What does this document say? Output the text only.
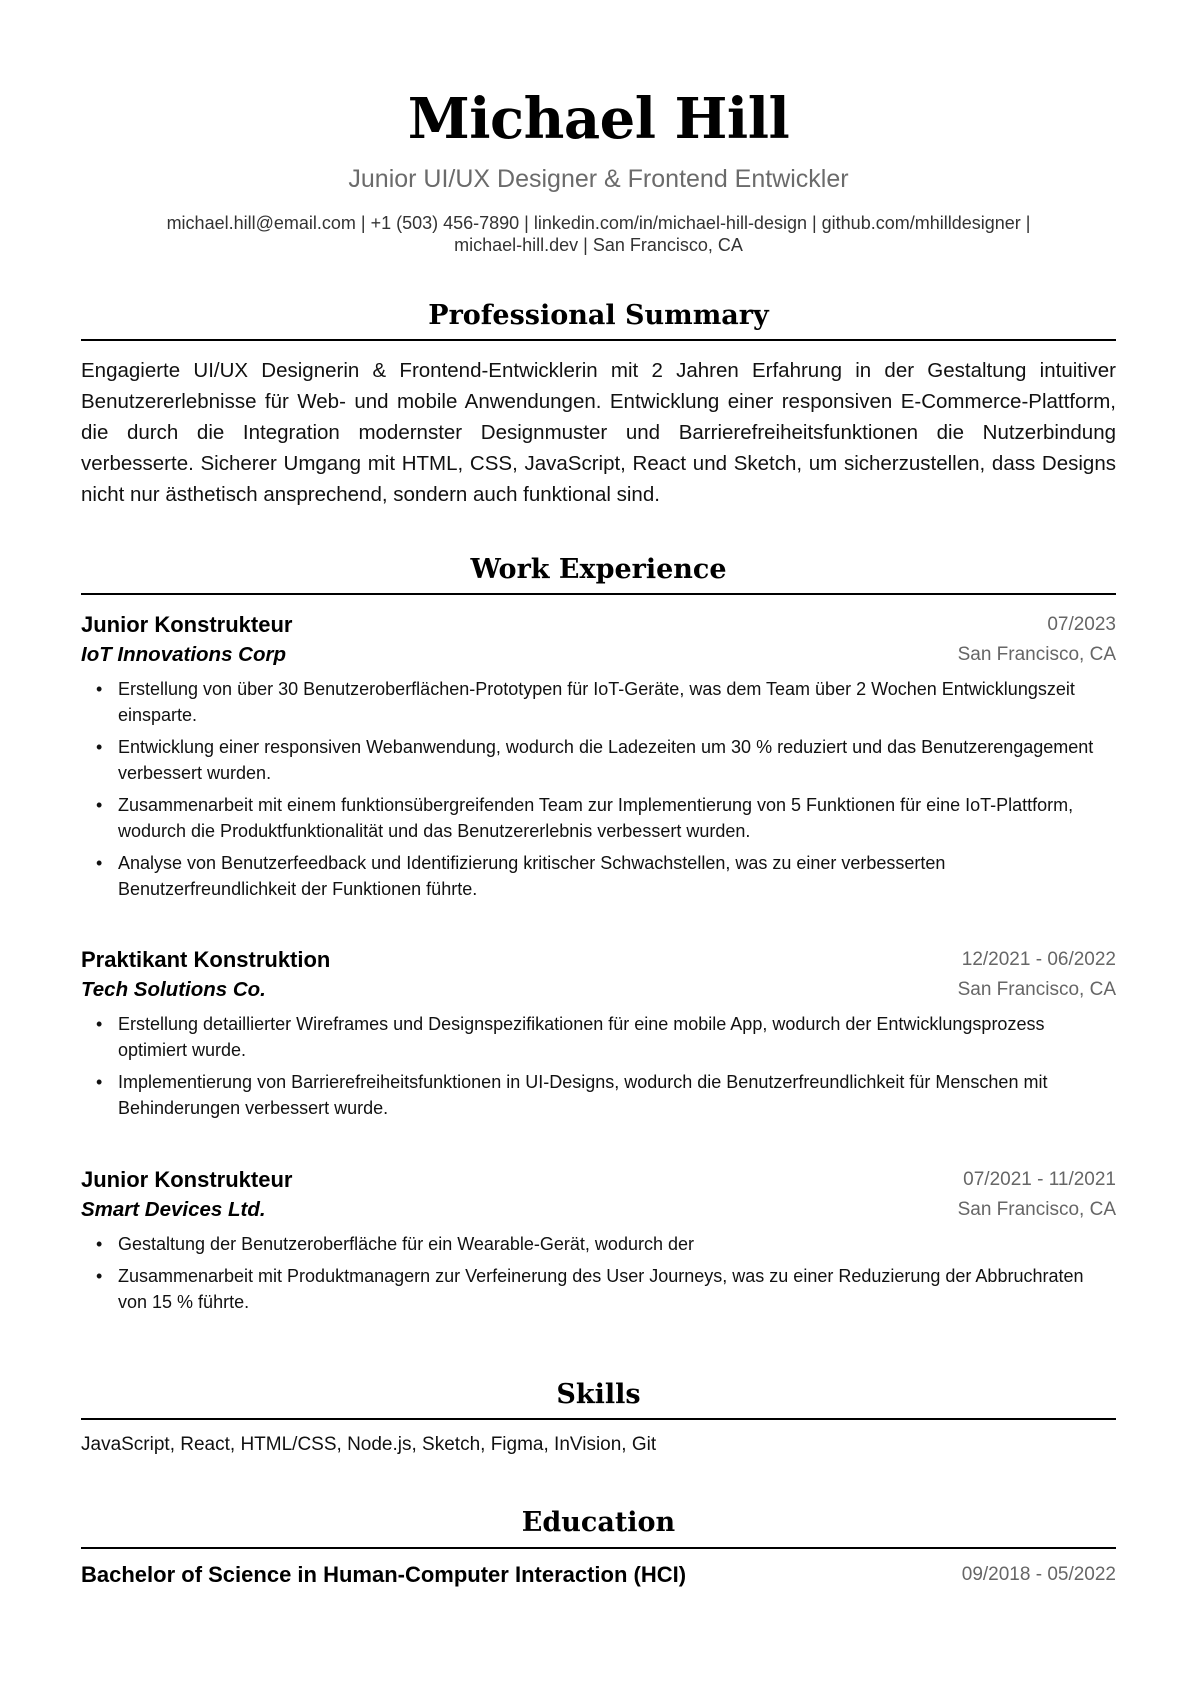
Michael Hill
Junior UI/UX Designer & Frontend Entwickler
michael.hill@email.com | +1 (503) 456-7890 | linkedin.com/in/michael-hill-design | github.com/mhilldesigner |
michael-hill.dev | San Francisco, CA
Professional Summary
Engagierte UI/UX Designerin & Frontend-Entwicklerin mit 2 Jahren Erfahrung in der Gestaltung intuitiver Benutzererlebnisse für Web- und mobile Anwendungen. Entwicklung einer responsiven E-Commerce-Plattform, die durch die Integration modernster Designmuster und Barrierefreiheitsfunktionen die Nutzerbindung verbesserte. Sicherer Umgang mit HTML, CSS, JavaScript, React und Sketch, um sicherzustellen, dass Designs nicht nur ästhetisch ansprechend, sondern auch funktional sind.
Work Experience
Junior Konstrukteur	07/2023
IoT Innovations Corp	San Francisco, CA
• Erstellung von über 30 Benutzeroberflächen-Prototypen für IoT-Geräte, was dem Team über 2 Wochen Entwicklungszeit einsparte.
• Entwicklung einer responsiven Webanwendung, wodurch die Ladezeiten um 30 % reduziert und das Benutzerengagement verbessert wurden.
• Zusammenarbeit mit einem funktionsübergreifenden Team zur Implementierung von 5 Funktionen für eine IoT-Plattform, wodurch die Produktfunktionalität und das Benutzererlebnis verbessert wurden.
• Analyse von Benutzerfeedback und Identifizierung kritischer Schwachstellen, was zu einer verbesserten Benutzerfreundlichkeit der Funktionen führte.
Praktikant Konstruktion	12/2021 - 06/2022
Tech Solutions Co.	San Francisco, CA
• Erstellung detaillierter Wireframes und Designspezifikationen für eine mobile App, wodurch der Entwicklungsprozess optimiert wurde.
• Implementierung von Barrierefreiheitsfunktionen in UI-Designs, wodurch die Benutzerfreundlichkeit für Menschen mit Behinderungen verbessert wurde.
Junior Konstrukteur	07/2021 - 11/2021
Smart Devices Ltd.	San Francisco, CA
• Gestaltung der Benutzeroberfläche für ein Wearable-Gerät, wodurch der
• Zusammenarbeit mit Produktmanagern zur Verfeinerung des User Journeys, was zu einer Reduzierung der Abbruchraten von 15 % führte.
Skills
JavaScript, React, HTML/CSS, Node.js, Sketch, Figma, InVision, Git
Education
Bachelor of Science in Human-Computer Interaction (HCI)	09/2018 - 05/2022
